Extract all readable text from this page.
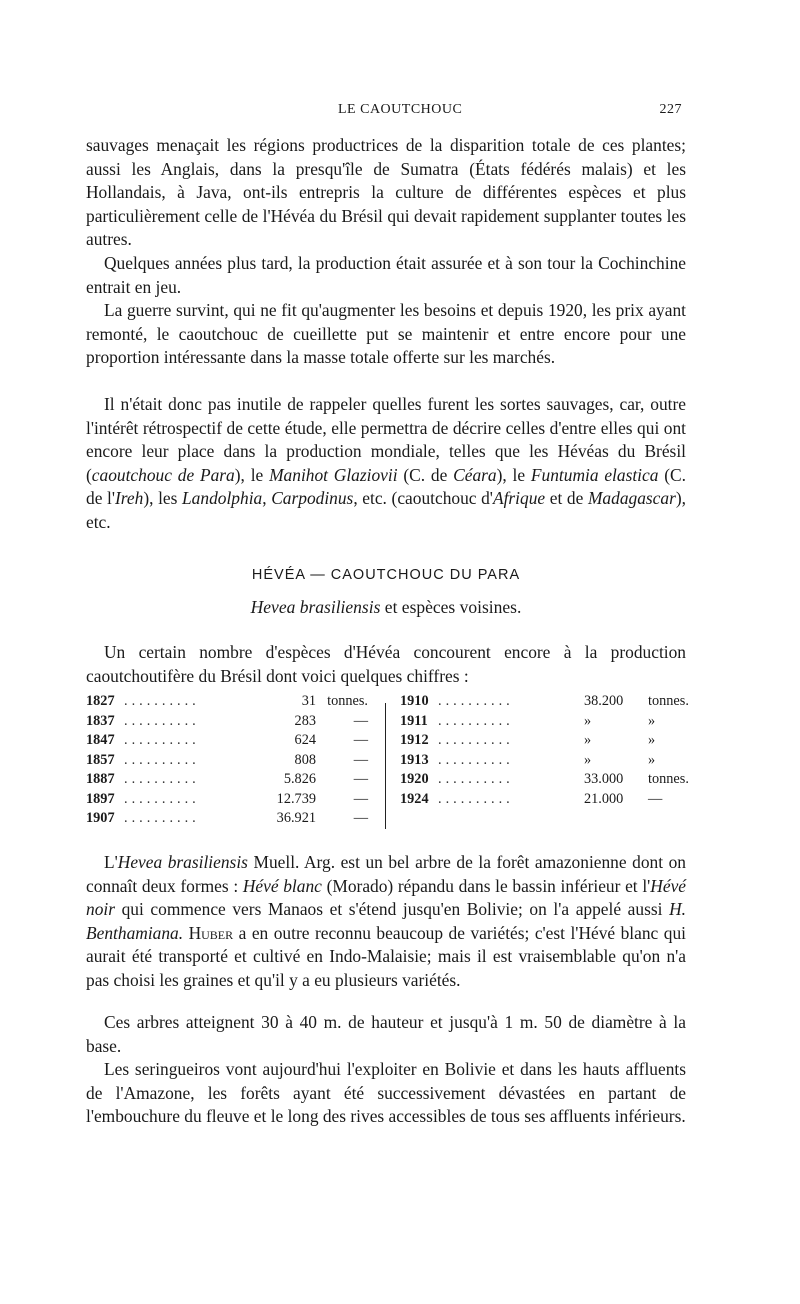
LE CAOUTCHOUC	227

sauvages menaçait les régions productrices de la disparition totale de ces plantes; aussi les Anglais, dans la presqu'île de Sumatra (États fédérés malais) et les Hollandais, à Java, ont-ils entrepris la culture de différentes espèces et plus particulièrement celle de l'Hévéa du Brésil qui devait rapidement supplanter toutes les autres.

Quelques années plus tard, la production était assurée et à son tour la Cochinchine entrait en jeu.

La guerre survint, qui ne fit qu'augmenter les besoins et depuis 1920, les prix ayant remonté, le caoutchouc de cueillette put se maintenir et entre encore pour une proportion intéressante dans la masse totale offerte sur les marchés.

Il n'était donc pas inutile de rappeler quelles furent les sortes sauvages, car, outre l'intérêt rétrospectif de cette étude, elle permettra de décrire celles d'entre elles qui ont encore leur place dans la production mondiale, telles que les Hévéas du Brésil (caoutchouc de Para), le Manihot Glaziovii (C. de Céara), le Funtumia elastica (C. de l'Ireh), les Landolphia, Carpodinus, etc. (caoutchouc d'Afrique et de Madagascar), etc.

HÉVÉA — CAOUTCHOUC DU PARA
Hevea brasiliensis et espèces voisines.

Un certain nombre d'espèces d'Hévéa concourent encore à la production caoutchoutifère du Brésil dont voici quelques chiffres :

1827 ..........	31 tonnes.
1837 ..........	283	—
1847 ..........	624	—
1857 ..........	808	—
1887 ..........	5.826	—
1897 ..........	12.739	—
1907 ..........	36.921	—
1910 ..........	38.200 tonnes.
1911 ..........	»	»
1912 ..........	»	»
1913 ..........	»	»
1920 ..........	33.000 tonnes.
1924 ..........	21.000 —

L'Hevea brasiliensis Muell. Arg. est un bel arbre de la forêt amazonienne dont on connaît deux formes : Hévé blanc (Morado) répandu dans le bassin inférieur et l'Hévé noir qui commence vers Manaos et s'étend jusqu'en Bolivie; on l'a appelé aussi H. Benthamiana. Huber a en outre reconnu beaucoup de variétés; c'est l'Hévé blanc qui aurait été transporté et cultivé en Indo-Malaisie; mais il est vraisemblable qu'on n'a pas choisi les graines et qu'il y a eu plusieurs variétés.

Ces arbres atteignent 30 à 40 m. de hauteur et jusqu'à 1 m. 50 de diamètre à la base.

Les seringueiros vont aujourd'hui l'exploiter en Bolivie et dans les hauts affluents de l'Amazone, les forêts ayant été successivement dévastées en partant de l'embouchure du fleuve et le long des rives accessibles de tous ses affluents inférieurs.
